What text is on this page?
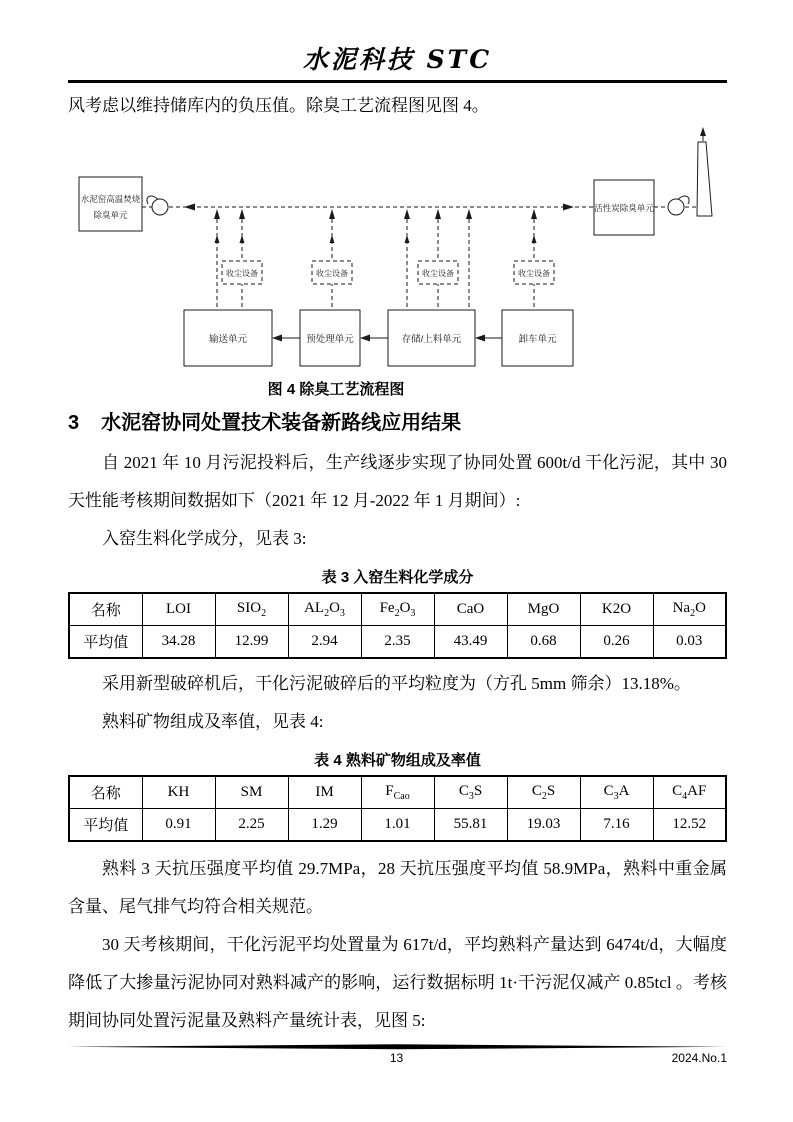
水泥科技 STC

风考虑以维持储库内的负压值。除臭工艺流程图见图 4。

水泥窑高温焚烧
除臭单元
活性炭除臭单元
收尘设备	收尘设备	收尘设备	收尘设备
输送单元	预处理单元	存储/上料单元	卸车单元
图 4 除臭工艺流程图
3 水泥窑协同处置技术装备新路线应用结果

自 2021 年 10 月污泥投料后，生产线逐步实现了协同处置 600t/d 干化污泥，其中 30 天性能考核期间数据如下（2021 年 12 月-2022 年 1 月期间）:

入窑生料化学成分，见表 3:

表 3 入窑生料化学成分
名称	LOI	$SIO_2$	$AL_2O_3$	$Fe_2O_3$	CaO	MgO	K2O	$Na_2O$
平均值	34.28	12.99	2.94	2.35	43.49	0.68	0.26	0.03

采用新型破碎机后，干化污泥破碎后的平均粒度为（方孔 5mm 筛余）13.18%。

熟料矿物组成及率值，见表 4:

表 4 熟料矿物组成及率值
名称	KH	SM	IM	$F_{Cao}$	$C_3S$	$C_2S$	$C_3A$	$C_4AF$
平均值	0.91	2.25	1.29	1.01	55.81	19.03	7.16	12.52

熟料 3 天抗压强度平均值 29.7MPa，28 天抗压强度平均值 58.9MPa，熟料中重金属含量、尾气排气均符合相关规范。

30 天考核期间，干化污泥平均处置量为 617t/d，平均熟料产量达到 6474t/d，大幅度降低了大掺量污泥协同对熟料减产的影响，运行数据标明 1t·干污泥仅减产 0.85tcl 。考核期间协同处置污泥量及熟料产量统计表，见图 5:

13	2024.No.1
